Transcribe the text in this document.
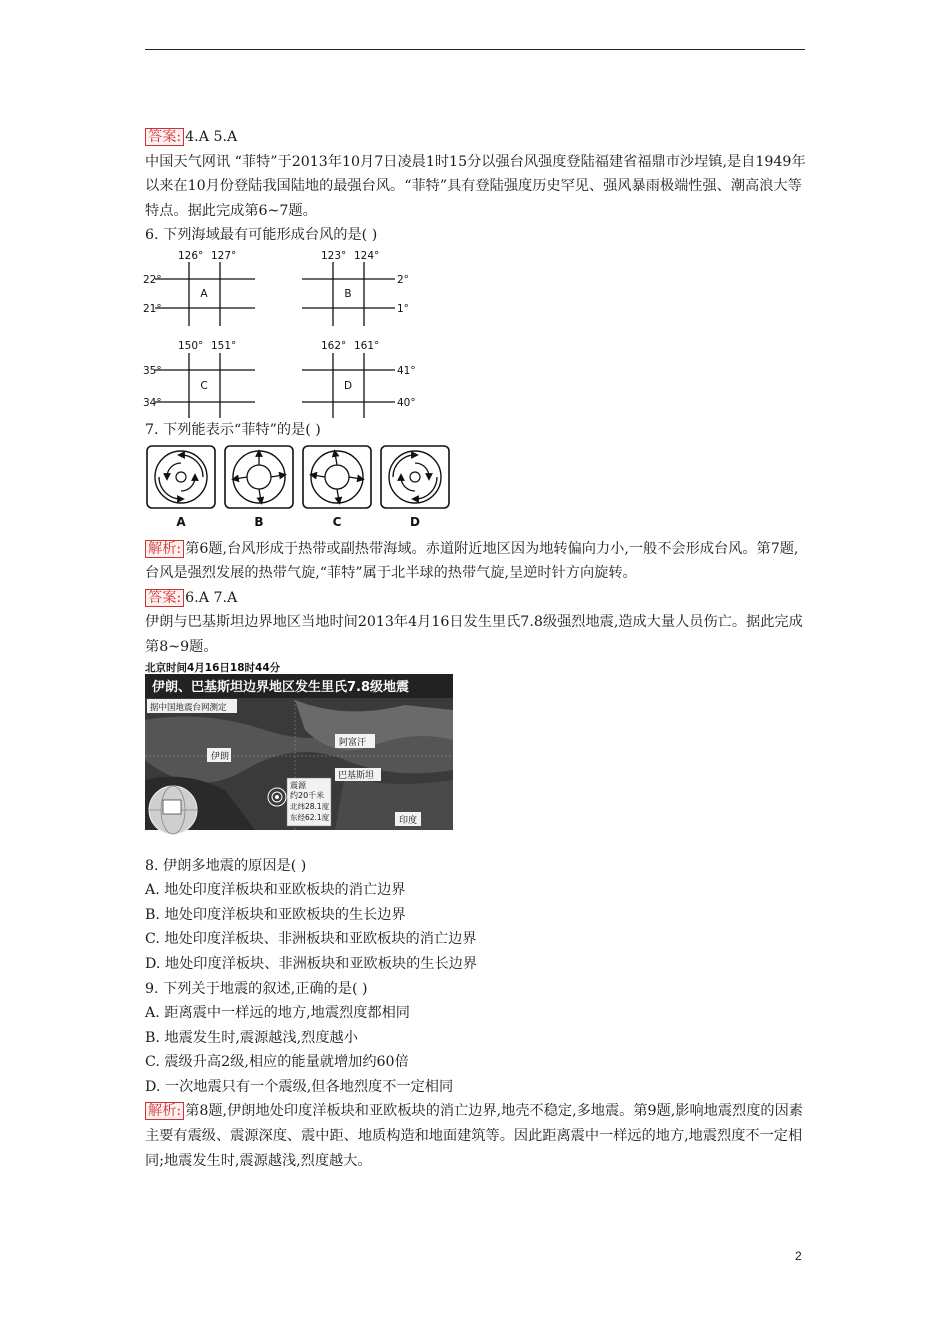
答案: 4.A 5.A

中国天气网讯 “菲特”于2013年10月7日凌晨1时15分以强台风强度登陆福建省福鼎市沙埕镇,是自1949年以来在10月份登陆我国陆地的最强台风。“菲特”具有登陆强度历史罕见、强风暴雨极端性强、潮高浪大等特点。据此完成第6~7题。

6. 下列海域最有可能形成台风的是( )

126° 127°
22°
21°
A
123° 124°
2°
1°
B
150° 151°
35°
34°
C
162° 161°
41°
40°
D

7. 下列能表示“菲特”的是( )

A	B	C	D

解析: 第6题,台风形成于热带或副热带海域。赤道附近地区因为地转偏向力小,一般不会形成台风。第7题,台风是强烈发展的热带气旋,“菲特”属于北半球的热带气旋,呈逆时针方向旋转。

答案: 6.A 7.A

伊朗与巴基斯坦边界地区当地时间2013年4月16日发生里氏7.8级强烈地震,造成大量人员伤亡。据此完成第8~9题。

北京时间4月16日18时44分
伊朗、巴基斯坦边界地区发生里氏7.8级地震
据中国地震台网测定
伊朗
阿富汗
巴基斯坦
印度
震源
约20千米
北纬28.1度
东经62.1度

8. 伊朗多地震的原因是( )

A. 地处印度洋板块和亚欧板块的消亡边界

B. 地处印度洋板块和亚欧板块的生长边界

C. 地处印度洋板块、非洲板块和亚欧板块的消亡边界

D. 地处印度洋板块、非洲板块和亚欧板块的生长边界

9. 下列关于地震的叙述,正确的是( )

A. 距离震中一样远的地方,地震烈度都相同

B. 地震发生时,震源越浅,烈度越小

C. 震级升高2级,相应的能量就增加约60倍

D. 一次地震只有一个震级,但各地烈度不一定相同

解析: 第8题,伊朗地处印度洋板块和亚欧板块的消亡边界,地壳不稳定,多地震。第9题,影响地震烈度的因素主要有震级、震源深度、震中距、地质构造和地面建筑等。因此距离震中一样远的地方,地震烈度不一定相同;地震发生时,震源越浅,烈度越大。

2
